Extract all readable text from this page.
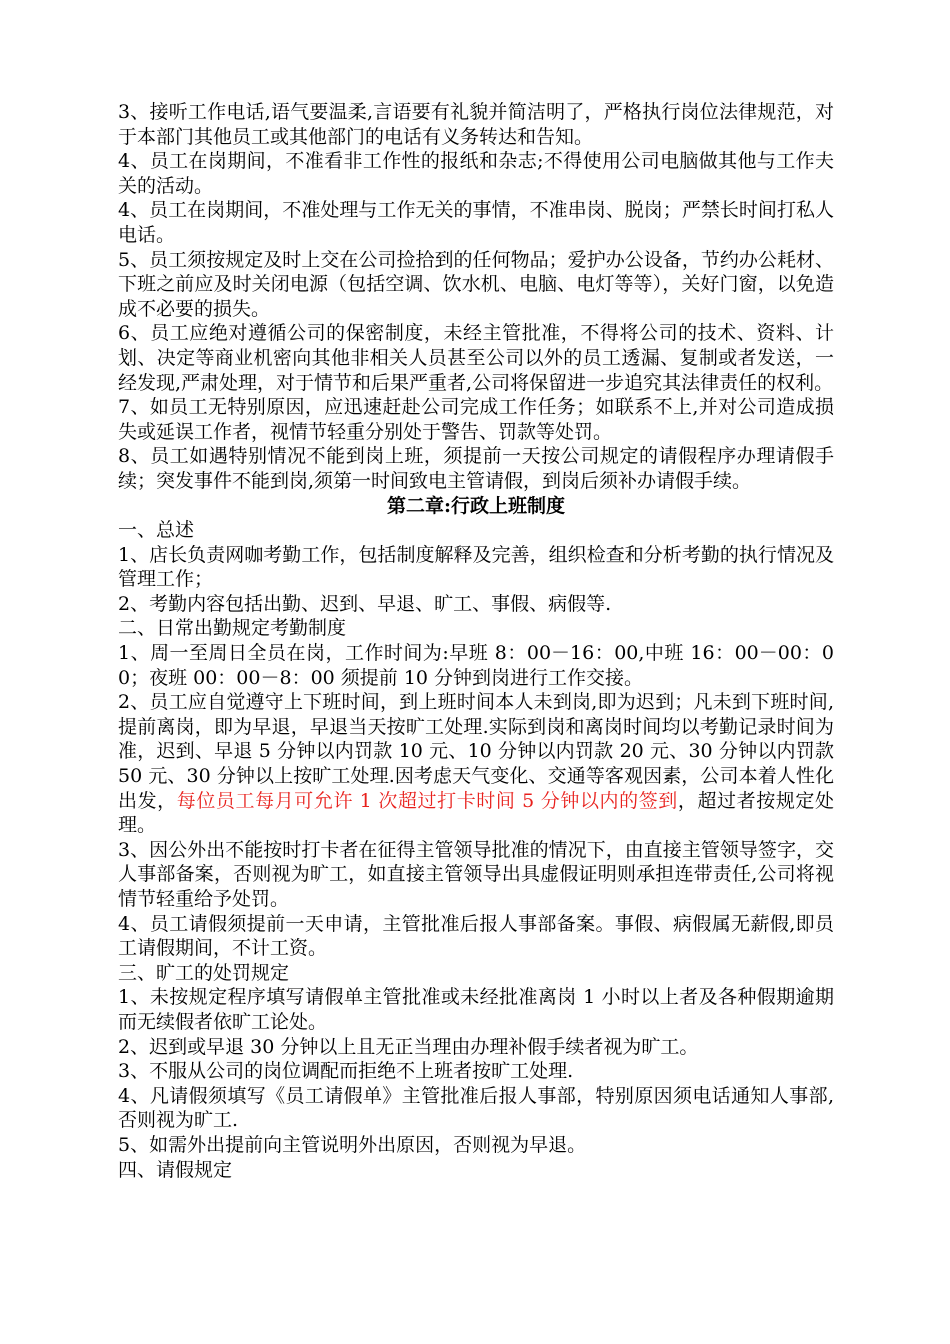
3、接听工作电话,语气要温柔,言语要有礼貌并简洁明了，严格执行岗位法律规范，对于本部门其他员工或其他部门的电话有义务转达和告知。

4、员工在岗期间，不准看非工作性的报纸和杂志;不得使用公司电脑做其他与工作夫关的活动。

4、员工在岗期间，不准处理与工作无关的事情，不准串岗、脱岗；严禁长时间打私人电话。

5、员工须按规定及时上交在公司捡拾到的任何物品；爱护办公设备，节约办公耗材、下班之前应及时关闭电源（包括空调、饮水机、电脑、电灯等等），关好门窗，以免造成不必要的损失。

6、员工应绝对遵循公司的保密制度，未经主管批准，不得将公司的技术、资料、计划、决定等商业机密向其他非相关人员甚至公司以外的员工透漏、复制或者发送，一经发现,严肃处理，对于情节和后果严重者,公司将保留进一步追究其法律责任的权利。

7、如员工无特别原因，应迅速赶赴公司完成工作任务；如联系不上,并对公司造成损失或延误工作者，视情节轻重分别处于警告、罚款等处罚。

8、员工如遇特别情况不能到岗上班，须提前一天按公司规定的请假程序办理请假手续；突发事件不能到岗,须第一时间致电主管请假，到岗后须补办请假手续。

第二章:行政上班制度

一、总述

1、店长负责网咖考勤工作，包括制度解释及完善，组织检查和分析考勤的执行情况及管理工作；

2、考勤内容包括出勤、迟到、早退、旷工、事假、病假等.

二、日常出勤规定考勤制度

1、周一至周日全员在岗，工作时间为:早班 8：00－16：00,中班 16：00－00：00；夜班 00：00－8：00 须提前 10 分钟到岗进行工作交接。

2、员工应自觉遵守上下班时间，到上班时间本人未到岗,即为迟到；凡未到下班时间,提前离岗，即为早退，早退当天按旷工处理.实际到岗和离岗时间均以考勤记录时间为准，迟到、早退 5 分钟以内罚款 10 元、10 分钟以内罚款 20 元、30 分钟以内罚款 50 元、30 分钟以上按旷工处理.因考虑天气变化、交通等客观因素，公司本着人性化出发，每位员工每月可允许 1 次超过打卡时间 5 分钟以内的签到，超过者按规定处理。

3、因公外出不能按时打卡者在征得主管领导批准的情况下，由直接主管领导签字，交人事部备案，否则视为旷工，如直接主管领导出具虚假证明则承担连带责任,公司将视情节轻重给予处罚。

4、员工请假须提前一天申请，主管批准后报人事部备案。事假、病假属无薪假,即员工请假期间，不计工资。

三、旷工的处罚规定

1、未按规定程序填写请假单主管批准或未经批准离岗 1 小时以上者及各种假期逾期而无续假者依旷工论处。

2、迟到或早退 30 分钟以上且无正当理由办理补假手续者视为旷工。

3、不服从公司的岗位调配而拒绝不上班者按旷工处理.

4、凡请假须填写《员工请假单》主管批准后报人事部，特别原因须电话通知人事部,否则视为旷工.

5、如需外出提前向主管说明外出原因，否则视为早退。

四、请假规定
